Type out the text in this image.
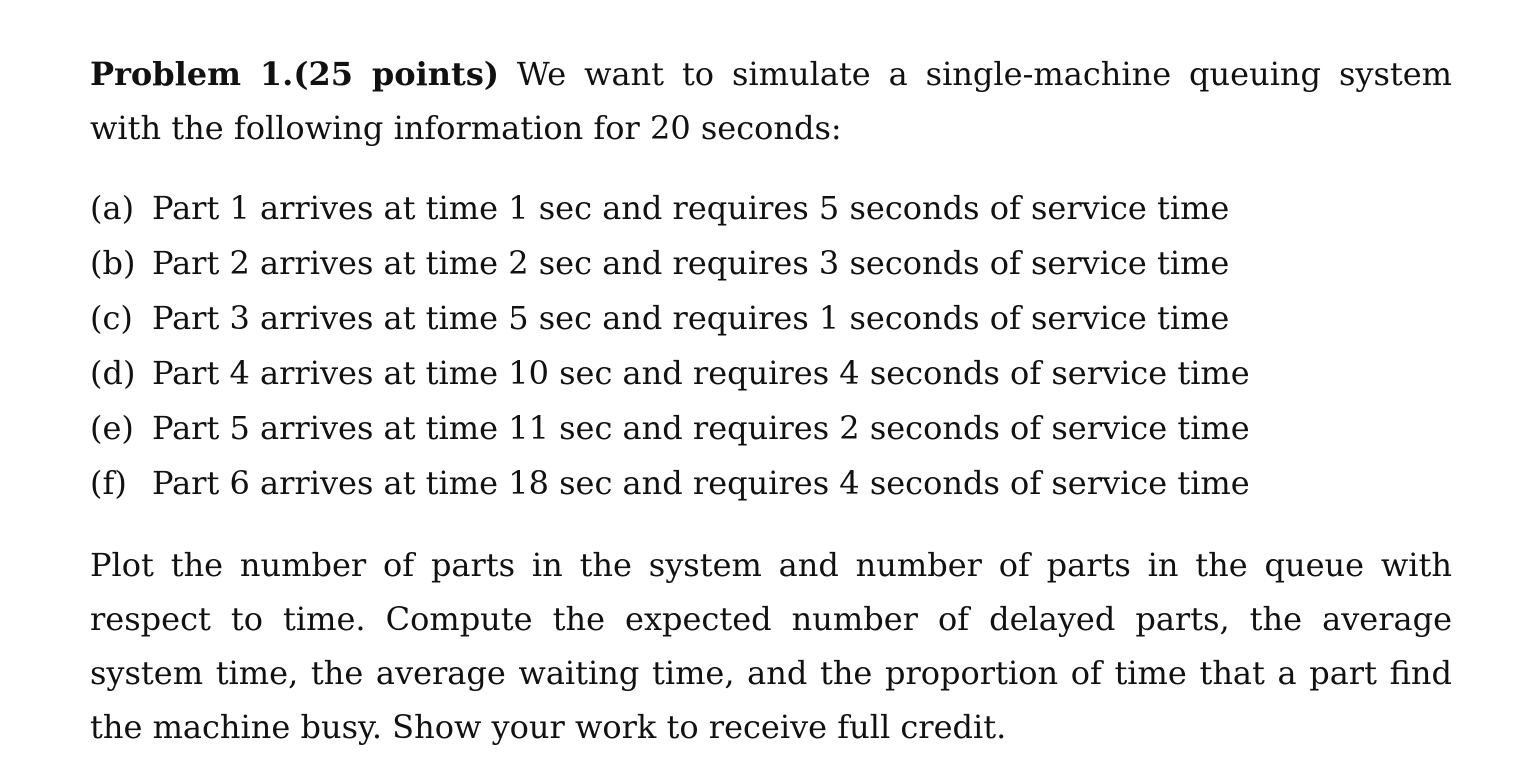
Problem 1.(25 points) We want to simulate a single-machine queuing system with the following information for 20 seconds:

(a) Part 1 arrives at time 1 sec and requires 5 seconds of service time
(b) Part 2 arrives at time 2 sec and requires 3 seconds of service time
(c) Part 3 arrives at time 5 sec and requires 1 seconds of service time
(d) Part 4 arrives at time 10 sec and requires 4 seconds of service time
(e) Part 5 arrives at time 11 sec and requires 2 seconds of service time
(f) Part 6 arrives at time 18 sec and requires 4 seconds of service time

Plot the number of parts in the system and number of parts in the queue with respect to time. Compute the expected number of delayed parts, the average system time, the average waiting time, and the proportion of time that a part find the machine busy. Show your work to receive full credit.
